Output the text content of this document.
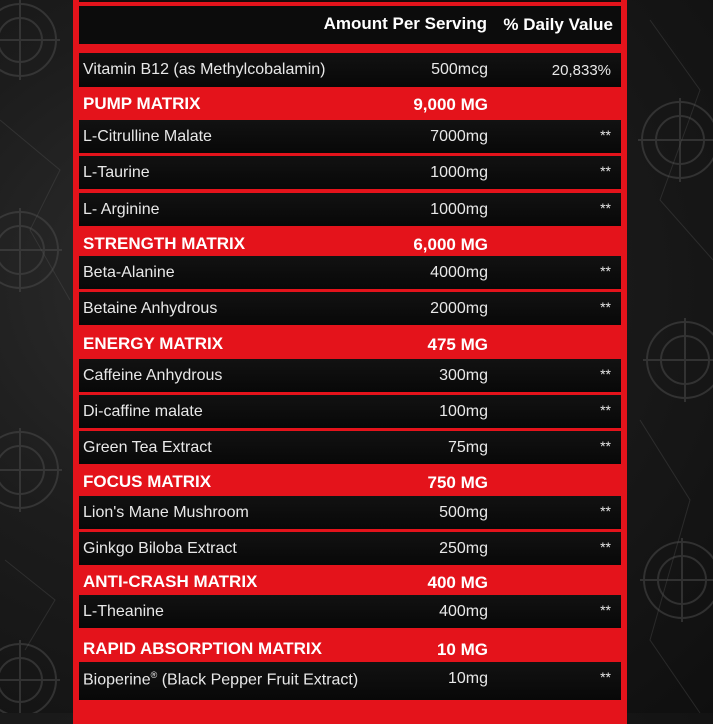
Amount Per Serving % Daily Value
Vitamin B12 (as Methylcobalamin)	500mcg	20,833%
PUMP MATRIX	9,000 MG
L-Citrulline Malate	7000mg	**
L-Taurine	1000mg	**
L- Arginine	1000mg	**
STRENGTH MATRIX	6,000 MG
Beta-Alanine	4000mg	**
Betaine Anhydrous	2000mg	**
ENERGY MATRIX	475 MG
Caffeine Anhydrous	300mg	**
Di-caffine malate	100mg	**
Green Tea Extract	75mg	**
FOCUS MATRIX	750 MG
Lion's Mane Mushroom	500mg	**
Ginkgo Biloba Extract	250mg	**
ANTI-CRASH MATRIX	400 MG
L-Theanine	400mg	**
RAPID ABSORPTION MATRIX	10 MG
Bioperine® (Black Pepper Fruit Extract)	10mg	**
